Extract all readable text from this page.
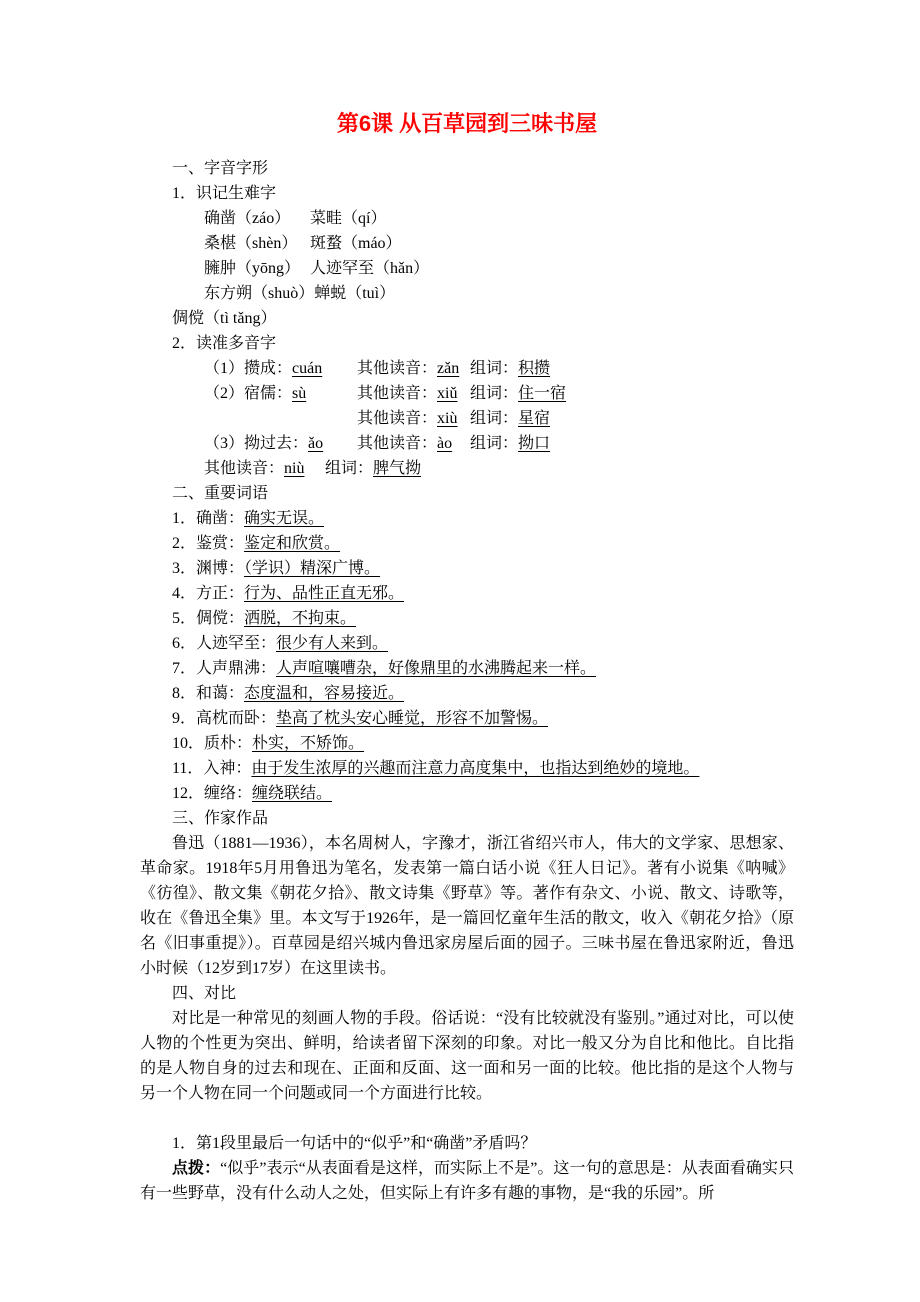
第6课 从百草园到三味书屋
一、字音字形
1．识记生难字
确凿（záo） 菜畦（qí）
桑椹（shèn） 斑蝥（máo）
臃肿（yōng） 人迹罕至（hǎn）
东方朔（shuò）蝉蜕（tuì）
倜傥（tì tǎng）
2．读准多音字
（1）攒成：cuán 其他读音：zǎn 组词：积攒
（2）宿儒：sù	其他读音：xiǔ 组词：住一宿
其他读音：xiù 组词：星宿
（3）拗过去：ǎo 其他读音：ào 组词：拗口
其他读音：niù 组词：脾气拗
二、重要词语
1．确凿：确实无误。
2．鉴赏：鉴定和欣赏。
3．渊博：（学识）精深广博。
4．方正：行为、品性正直无邪。
5．倜傥：洒脱，不拘束。
6．人迹罕至：很少有人来到。
7．人声鼎沸：人声喧嚷嘈杂，好像鼎里的水沸腾起来一样。
8．和蔼：态度温和，容易接近。
9．高枕而卧：垫高了枕头安心睡觉，形容不加警惕。
10．质朴：朴实，不矫饰。
11．入神：由于发生浓厚的兴趣而注意力高度集中，也指达到绝妙的境地。
12．缠络：缠绕联结。
三、作家作品
鲁迅（1881—1936），本名周树人，字豫才，浙江省绍兴市人，伟大的文学家、思想家、革命家。1918年5月用鲁迅为笔名，发表第一篇白话小说《狂人日记》。著有小说集《呐喊》《彷徨》、散文集《朝花夕拾》、散文诗集《野草》等。著作有杂文、小说、散文、诗歌等，收在《鲁迅全集》里。本文写于1926年，是一篇回忆童年生活的散文，收入《朝花夕拾》（原名《旧事重提》）。百草园是绍兴城内鲁迅家房屋后面的园子。三味书屋在鲁迅家附近，鲁迅小时候（12岁到17岁）在这里读书。
四、对比
对比是一种常见的刻画人物的手段。俗话说：“没有比较就没有鉴别。”通过对比，可以使人物的个性更为突出、鲜明，给读者留下深刻的印象。对比一般又分为自比和他比。自比指的是人物自身的过去和现在、正面和反面、这一面和另一面的比较。他比指的是这个人物与另一个人物在同一个问题或同一个方面进行比较。

1．第1段里最后一句话中的“似乎”和“确凿”矛盾吗？
点拨：“似乎”表示“从表面看是这样，而实际上不是”。这一句的意思是：从表面看确实只有一些野草，没有什么动人之处，但实际上有许多有趣的事物，是“我的乐园”。所
